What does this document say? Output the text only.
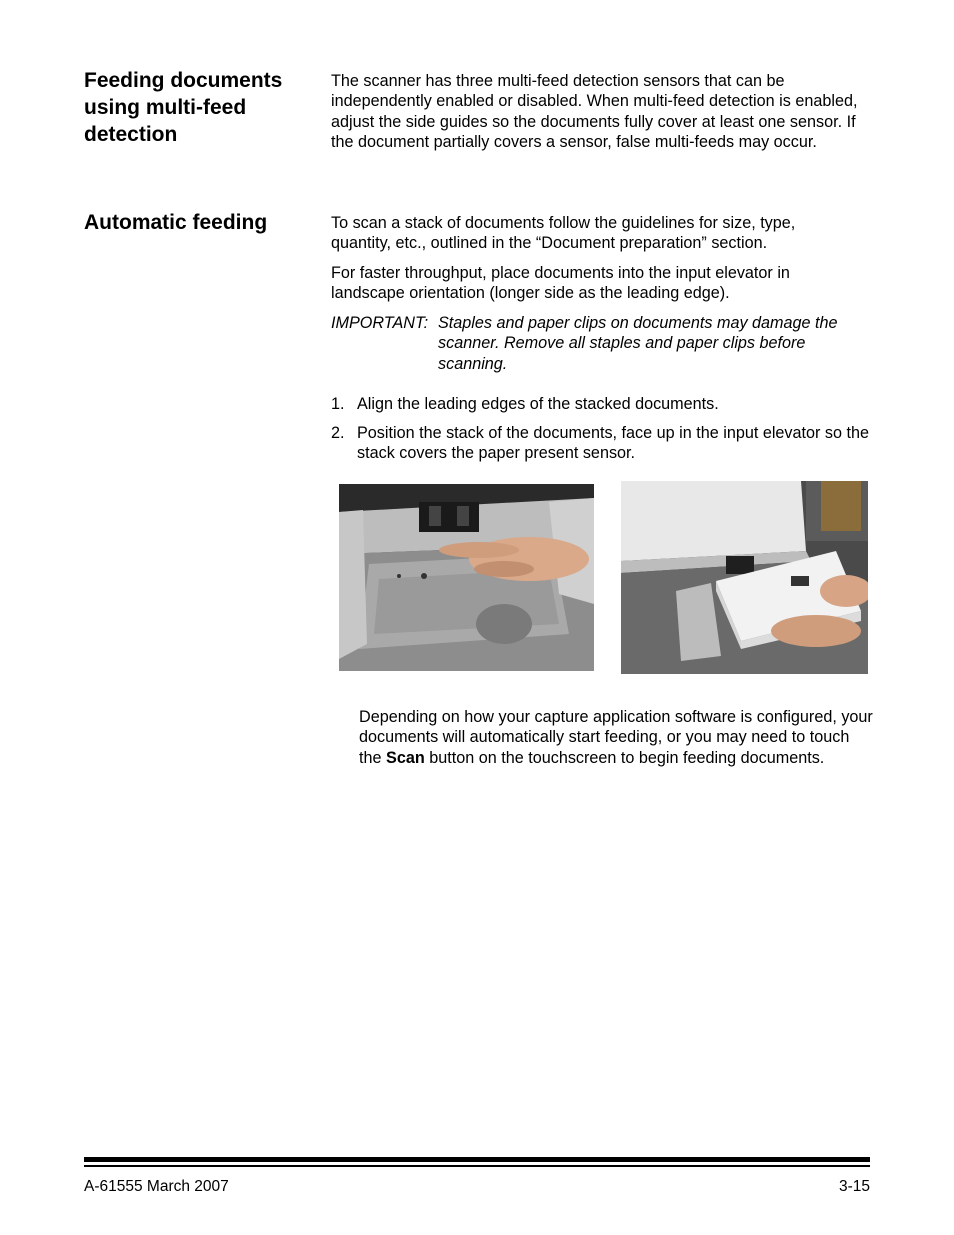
Feeding documents using multi-feed detection

The scanner has three multi-feed detection sensors that can be independently enabled or disabled. When multi-feed detection is enabled, adjust the side guides so the documents fully cover at least one sensor. If the document partially covers a sensor, false multi-feeds may occur.

Automatic feeding	To scan a stack of documents follow the guidelines for size, type, quantity, etc., outlined in the “Document preparation” section.

For faster throughput, place documents into the input elevator in landscape orientation (longer side as the leading edge).

IMPORTANT: Staples and paper clips on documents may damage the scanner. Remove all staples and paper clips before scanning.
1. Align the leading edges of the stacked documents.
2. Position the stack of the documents, face up in the input elevator so the stack covers the paper present sensor.

Depending on how your capture application software is configured, your documents will automatically start feeding, or you may need to touch the Scan button on the touchscreen to begin feeding documents.

A-61555 March 2007	3-15
